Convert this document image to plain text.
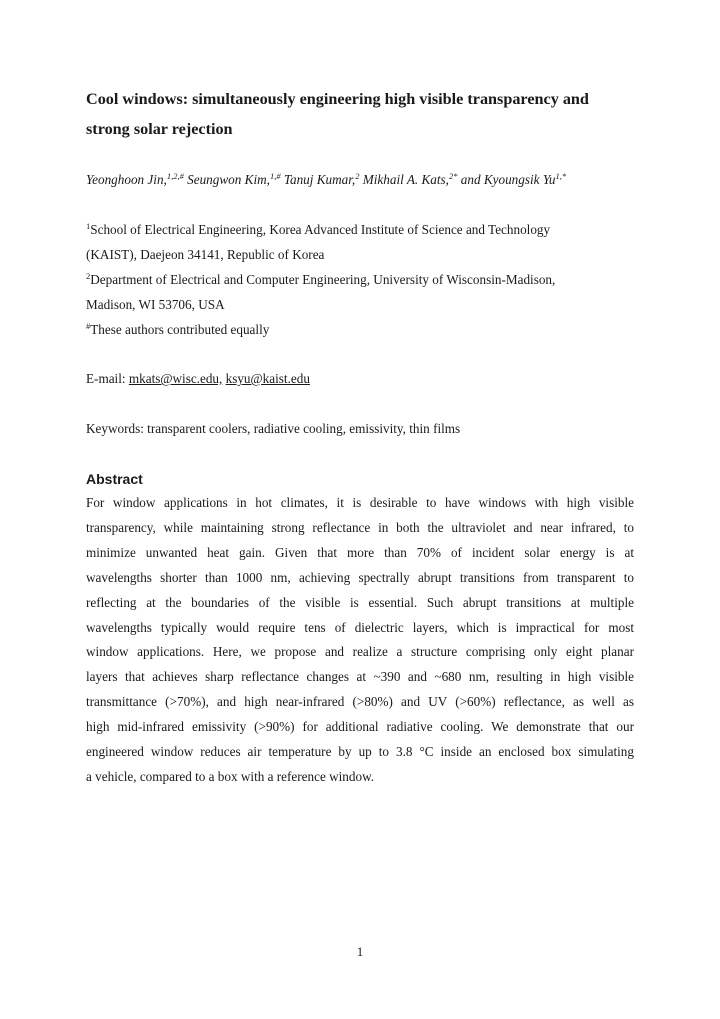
Cool windows: simultaneously engineering high visible transparency and
strong solar rejection
Yeonghoon Jin,$^{1,2,\#}$ Seungwon Kim,$^{1,\#}$ Tanuj Kumar,$^2$ Mikhail A. Kats,$^{2*}$ and Kyoungsik $Yu^{1,*}$
$^1$School of Electrical Engineering, Korea Advanced Institute of Science and Technology
(KAIST), Daejeon 34141, Republic of Korea
$^2$Department of Electrical and Computer Engineering, University of Wisconsin-Madison,
Madison, WI 53706, USA
#These authors contributed equally
E-mail: mkats@wisc.edu, ksyu@kaist.edu
Keywords: transparent coolers, radiative cooling, emissivity, thin films
Abstract
For window applications in hot climates, it is desirable to have windows with high visible
transparency, while maintaining strong reflectance in both the ultraviolet and near infrared, to
minimize unwanted heat gain. Given that more than 70% of incident solar energy is at
wavelengths shorter than 1000 nm, achieving spectrally abrupt transitions from transparent to
reflecting at the boundaries of the visible is essential. Such abrupt transitions at multiple
wavelengths typically would require tens of dielectric layers, which is impractical for most
window applications. Here, we propose and realize a structure comprising only eight planar
layers that achieves sharp reflectance changes at ~390 and ~680 nm, resulting in high visible
transmittance (>70%), and high near-infrared (>80%) and UV (>60%) reflectance, as well as
high mid-infrared emissivity (>90%) for additional radiative cooling. We demonstrate that our
engineered window reduces air temperature by up to 3.8 °C inside an enclosed box simulating
a vehicle, compared to a box with a reference window.
1
